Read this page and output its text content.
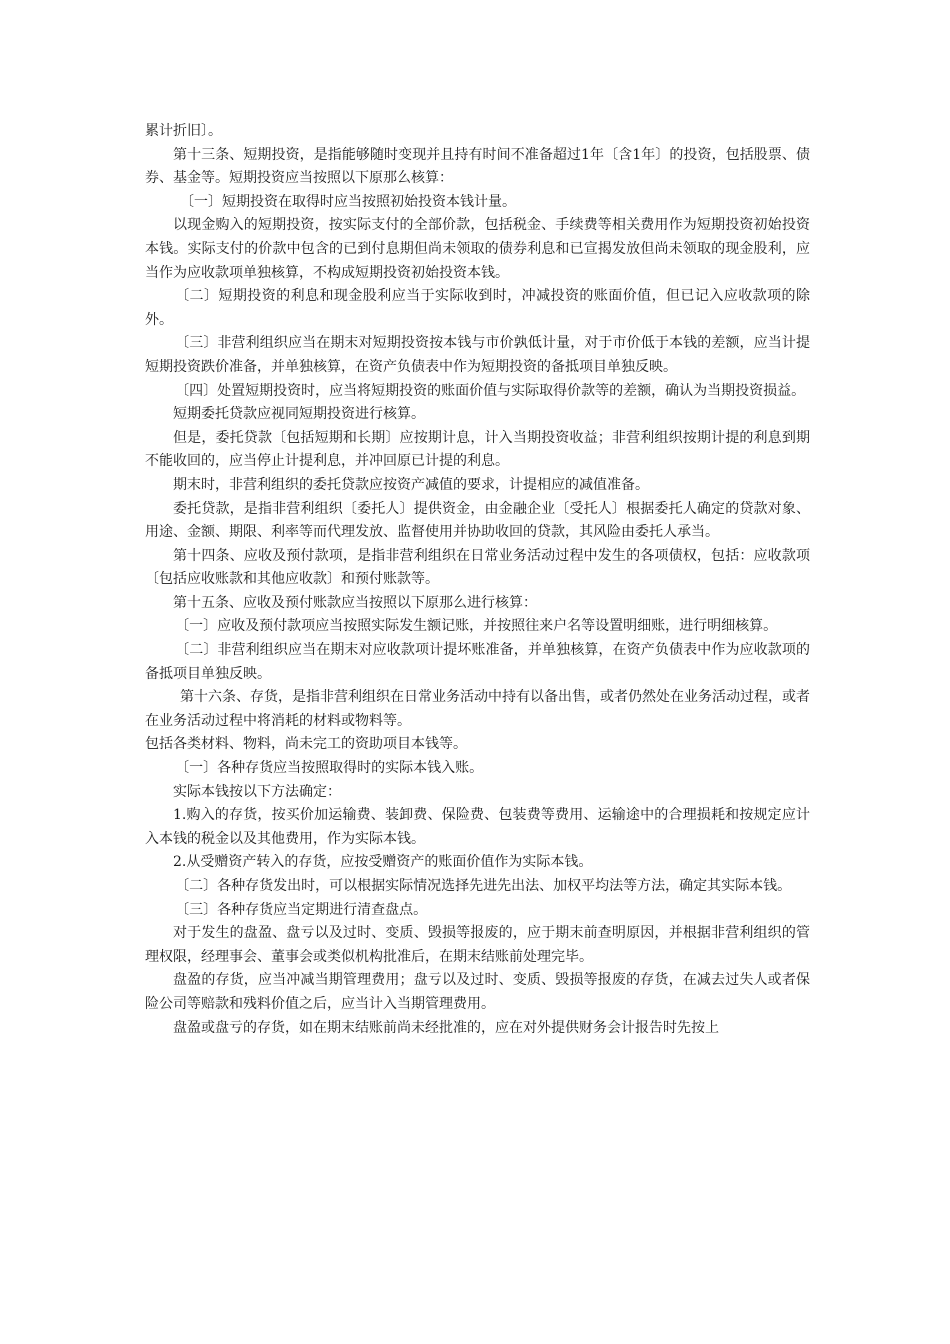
累计折旧〕。

第十三条、短期投资，是指能够随时变现并且持有时间不准备超过1年〔含1年〕的投资，包括股票、债券、基金等。短期投资应当按照以下原那么核算：

〔一〕短期投资在取得时应当按照初始投资本钱计量。

以现金购入的短期投资，按实际支付的全部价款，包括税金、手续费等相关费用作为短期投资初始投资本钱。实际支付的价款中包含的已到付息期但尚未领取的债券利息和已宣揭发放但尚未领取的现金股利，应当作为应收款项单独核算，不构成短期投资初始投资本钱。

〔二〕短期投资的利息和现金股利应当于实际收到时，冲减投资的账面价值，但已记入应收款项的除外。

〔三〕非营利组织应当在期末对短期投资按本钱与市价孰低计量，对于市价低于本钱的差额，应当计提短期投资跌价准备，并单独核算，在资产负债表中作为短期投资的备抵项目单独反映。

〔四〕处置短期投资时，应当将短期投资的账面价值与实际取得价款等的差额，确认为当期投资损益。

短期委托贷款应视同短期投资进行核算。

但是，委托贷款〔包括短期和长期〕应按期计息，计入当期投资收益；非营利组织按期计提的利息到期不能收回的，应当停止计提利息，并冲回原已计提的利息。

期末时，非营利组织的委托贷款应按资产减值的要求，计提相应的减值准备。

委托贷款，是指非营利组织〔委托人〕提供资金，由金融企业〔受托人〕根据委托人确定的贷款对象、用途、金额、期限、利率等而代理发放、监督使用并协助收回的贷款，其风险由委托人承当。

第十四条、应收及预付款项，是指非营利组织在日常业务活动过程中发生的各项债权，包括：应收款项〔包括应收账款和其他应收款〕和预付账款等。

第十五条、应收及预付账款应当按照以下原那么进行核算：

〔一〕应收及预付款项应当按照实际发生额记账，并按照往来户名等设置明细账，进行明细核算。

〔二〕非营利组织应当在期末对应收款项计提坏账准备，并单独核算，在资产负债表中作为应收款项的备抵项目单独反映。

第十六条、存货，是指非营利组织在日常业务活动中持有以备出售，或者仍然处在业务活动过程，或者在业务活动过程中将消耗的材料或物料等。

包括各类材料、物料，尚未完工的资助项目本钱等。

〔一〕各种存货应当按照取得时的实际本钱入账。

实际本钱按以下方法确定：

1.购入的存货，按买价加运输费、装卸费、保险费、包装费等费用、运输途中的合理损耗和按规定应计入本钱的税金以及其他费用，作为实际本钱。

2.从受赠资产转入的存货，应按受赠资产的账面价值作为实际本钱。

〔二〕各种存货发出时，可以根据实际情况选择先进先出法、加权平均法等方法，确定其实际本钱。

〔三〕各种存货应当定期进行清查盘点。

对于发生的盘盈、盘亏以及过时、变质、毁损等报废的，应于期末前查明原因，并根据非营利组织的管理权限，经理事会、董事会或类似机构批准后，在期末结账前处理完毕。

盘盈的存货，应当冲减当期管理费用；盘亏以及过时、变质、毁损等报废的存货，在减去过失人或者保险公司等赔款和残料价值之后，应当计入当期管理费用。

盘盈或盘亏的存货，如在期末结账前尚未经批准的，应在对外提供财务会计报告时先按上
